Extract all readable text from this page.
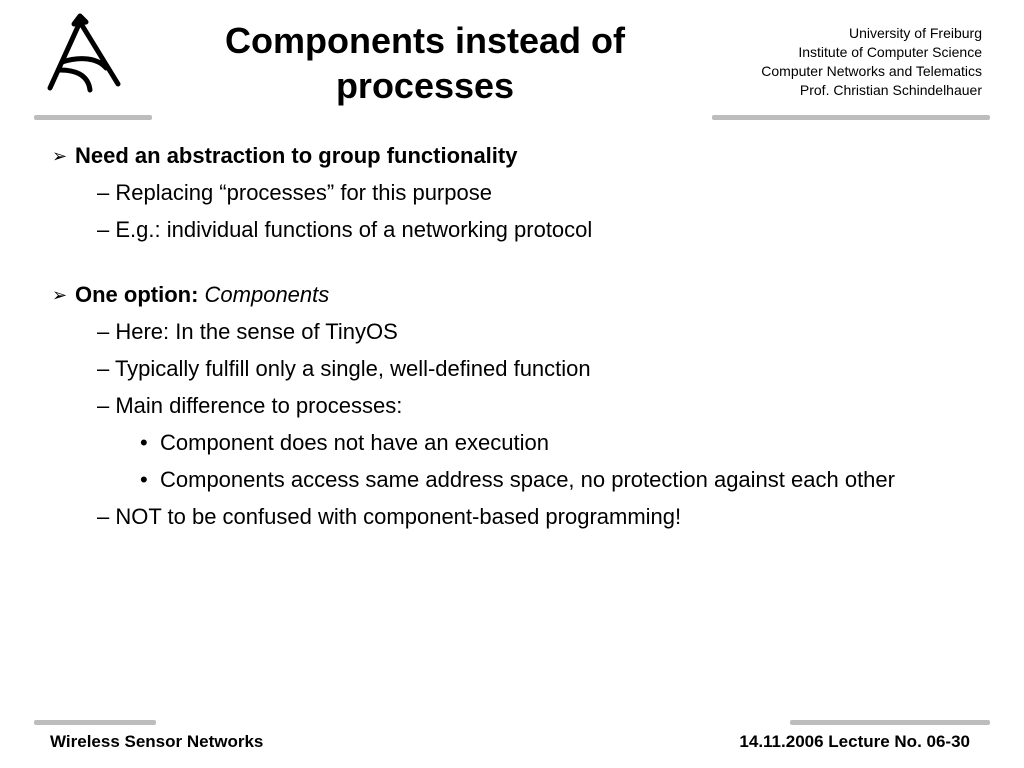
Components instead of
processes
University of Freiburg
Institute of Computer Science
Computer Networks and Telematics
Prof. Christian Schindelhauer
➢ Need an abstraction to group functionality
– Replacing “processes” for this purpose
– E.g.: individual functions of a networking protocol
➢ One option: Components
– Here: In the sense of TinyOS
– Typically fulfill only a single, well-defined function
– Main difference to processes:
• Component does not have an execution
• Components access same address space, no protection against each other
– NOT to be confused with component-based programming!
Wireless Sensor Networks	14.11.2006 Lecture No. 06-30
